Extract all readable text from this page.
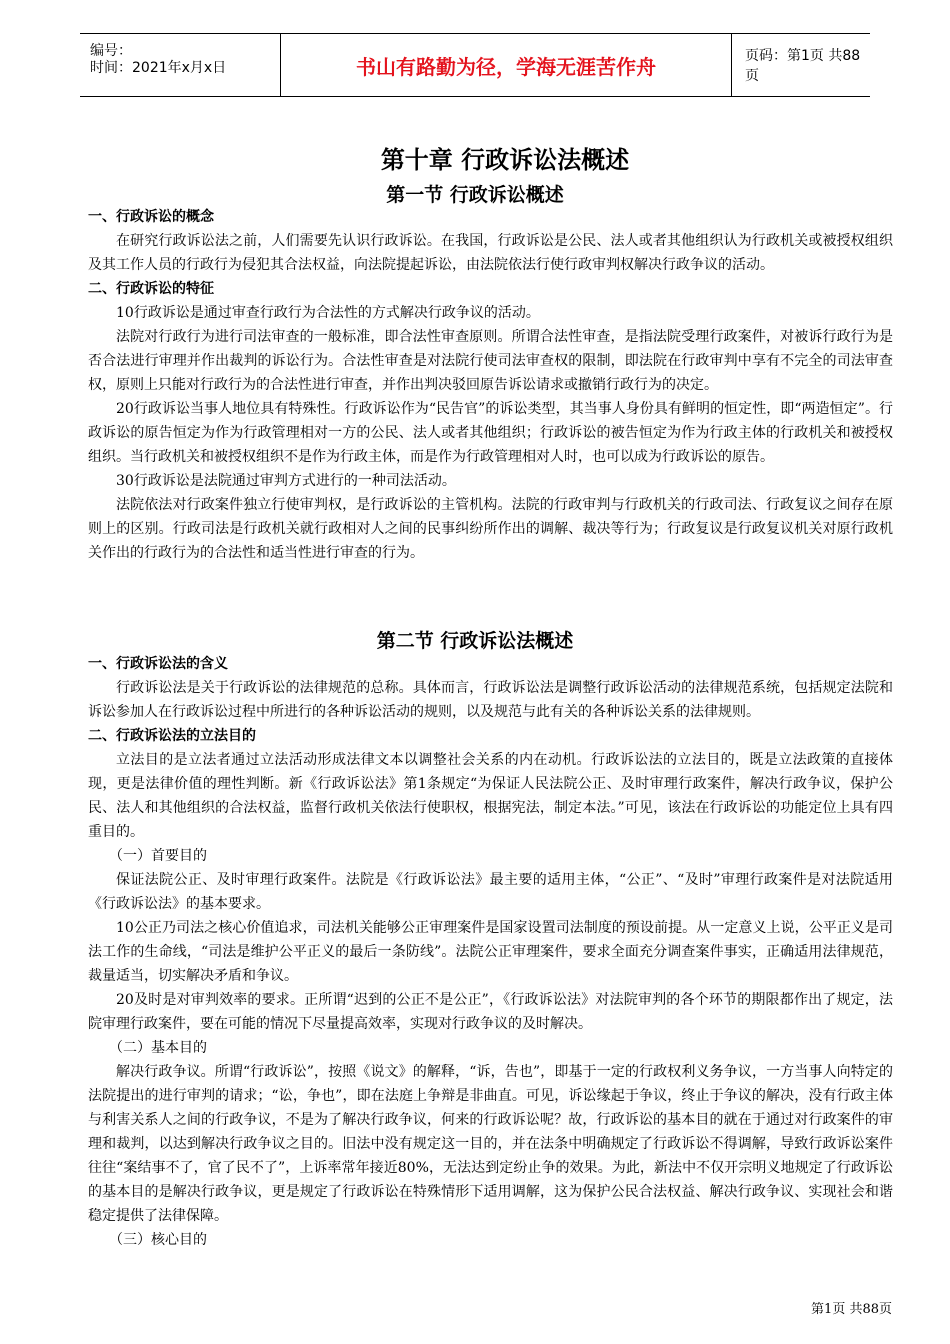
编号：
时间：2021年x月x日	书山有路勤为径，学海无涯苦作舟	页码：第1页 共88页
第十章 行政诉讼法概述
第一节 行政诉讼概述
一、行政诉讼的概念
在研究行政诉讼法之前，人们需要先认识行政诉讼。在我国，行政诉讼是公民、法人或者其他组织认为行政机关或被授权组织及其工作人员的行政行为侵犯其合法权益，向法院提起诉讼，由法院依法行使行政审判权解决行政争议的活动。
二、行政诉讼的特征
10行政诉讼是通过审查行政行为合法性的方式解决行政争议的活动。
法院对行政行为进行司法审查的一般标准，即合法性审查原则。所谓合法性审查，是指法院受理行政案件，对被诉行政行为是否合法进行审理并作出裁判的诉讼行为。合法性审查是对法院行使司法审查权的限制，即法院在行政审判中享有不完全的司法审查权，原则上只能对行政行为的合法性进行审查，并作出判决驳回原告诉讼请求或撤销行政行为的决定。
20行政诉讼当事人地位具有特殊性。行政诉讼作为“民告官”的诉讼类型，其当事人身份具有鲜明的恒定性，即“两造恒定”。行政诉讼的原告恒定为作为行政管理相对一方的公民、法人或者其他组织；行政诉讼的被告恒定为作为行政主体的行政机关和被授权组织。当行政机关和被授权组织不是作为行政主体，而是作为行政管理相对人时，也可以成为行政诉讼的原告。
30行政诉讼是法院通过审判方式进行的一种司法活动。
法院依法对行政案件独立行使审判权，是行政诉讼的主管机构。法院的行政审判与行政机关的行政司法、行政复议之间存在原则上的区别。行政司法是行政机关就行政相对人之间的民事纠纷所作出的调解、裁决等行为；行政复议是行政复议机关对原行政机关作出的行政行为的合法性和适当性进行审查的行为。
第二节 行政诉讼法概述
一、行政诉讼法的含义
行政诉讼法是关于行政诉讼的法律规范的总称。具体而言，行政诉讼法是调整行政诉讼活动的法律规范系统，包括规定法院和诉讼参加人在行政诉讼过程中所进行的各种诉讼活动的规则，以及规范与此有关的各种诉讼关系的法律规则。
二、行政诉讼法的立法目的
立法目的是立法者通过立法活动形成法律文本以调整社会关系的内在动机。行政诉讼法的立法目的，既是立法政策的直接体现，更是法律价值的理性判断。新《行政诉讼法》第1条规定“为保证人民法院公正、及时审理行政案件，解决行政争议，保护公民、法人和其他组织的合法权益，监督行政机关依法行使职权，根据宪法，制定本法。”可见，该法在行政诉讼的功能定位上具有四重目的。
（一）首要目的
保证法院公正、及时审理行政案件。法院是《行政诉讼法》最主要的适用主体，“公正”、“及时”审理行政案件是对法院适用《行政诉讼法》的基本要求。
10公正乃司法之核心价值追求，司法机关能够公正审理案件是国家设置司法制度的预设前提。从一定意义上说，公平正义是司法工作的生命线，“司法是维护公平正义的最后一条防线”。法院公正审理案件，要求全面充分调查案件事实，正确适用法律规范，裁量适当，切实解决矛盾和争议。
20及时是对审判效率的要求。正所谓“迟到的公正不是公正”，《行政诉讼法》对法院审判的各个环节的期限都作出了规定，法院审理行政案件，要在可能的情况下尽量提高效率，实现对行政争议的及时解决。
（二）基本目的
解决行政争议。所谓“行政诉讼”，按照《说文》的解释，“诉，告也”，即基于一定的行政权利义务争议，一方当事人向特定的法院提出的进行审判的请求；“讼，争也”，即在法庭上争辩是非曲直。可见，诉讼缘起于争议，终止于争议的解决，没有行政主体与利害关系人之间的行政争议，不是为了解决行政争议，何来的行政诉讼呢？故，行政诉讼的基本目的就在于通过对行政案件的审理和裁判，以达到解决行政争议之目的。旧法中没有规定这一目的，并在法条中明确规定了行政诉讼不得调解，导致行政诉讼案件往往“案结事不了，官了民不了”，上诉率常年接近80%，无法达到定纷止争的效果。为此，新法中不仅开宗明义地规定了行政诉讼的基本目的是解决行政争议，更是规定了行政诉讼在特殊情形下适用调解，这为保护公民合法权益、解决行政争议、实现社会和谐稳定提供了法律保障。
（三）核心目的
第1页 共88页
